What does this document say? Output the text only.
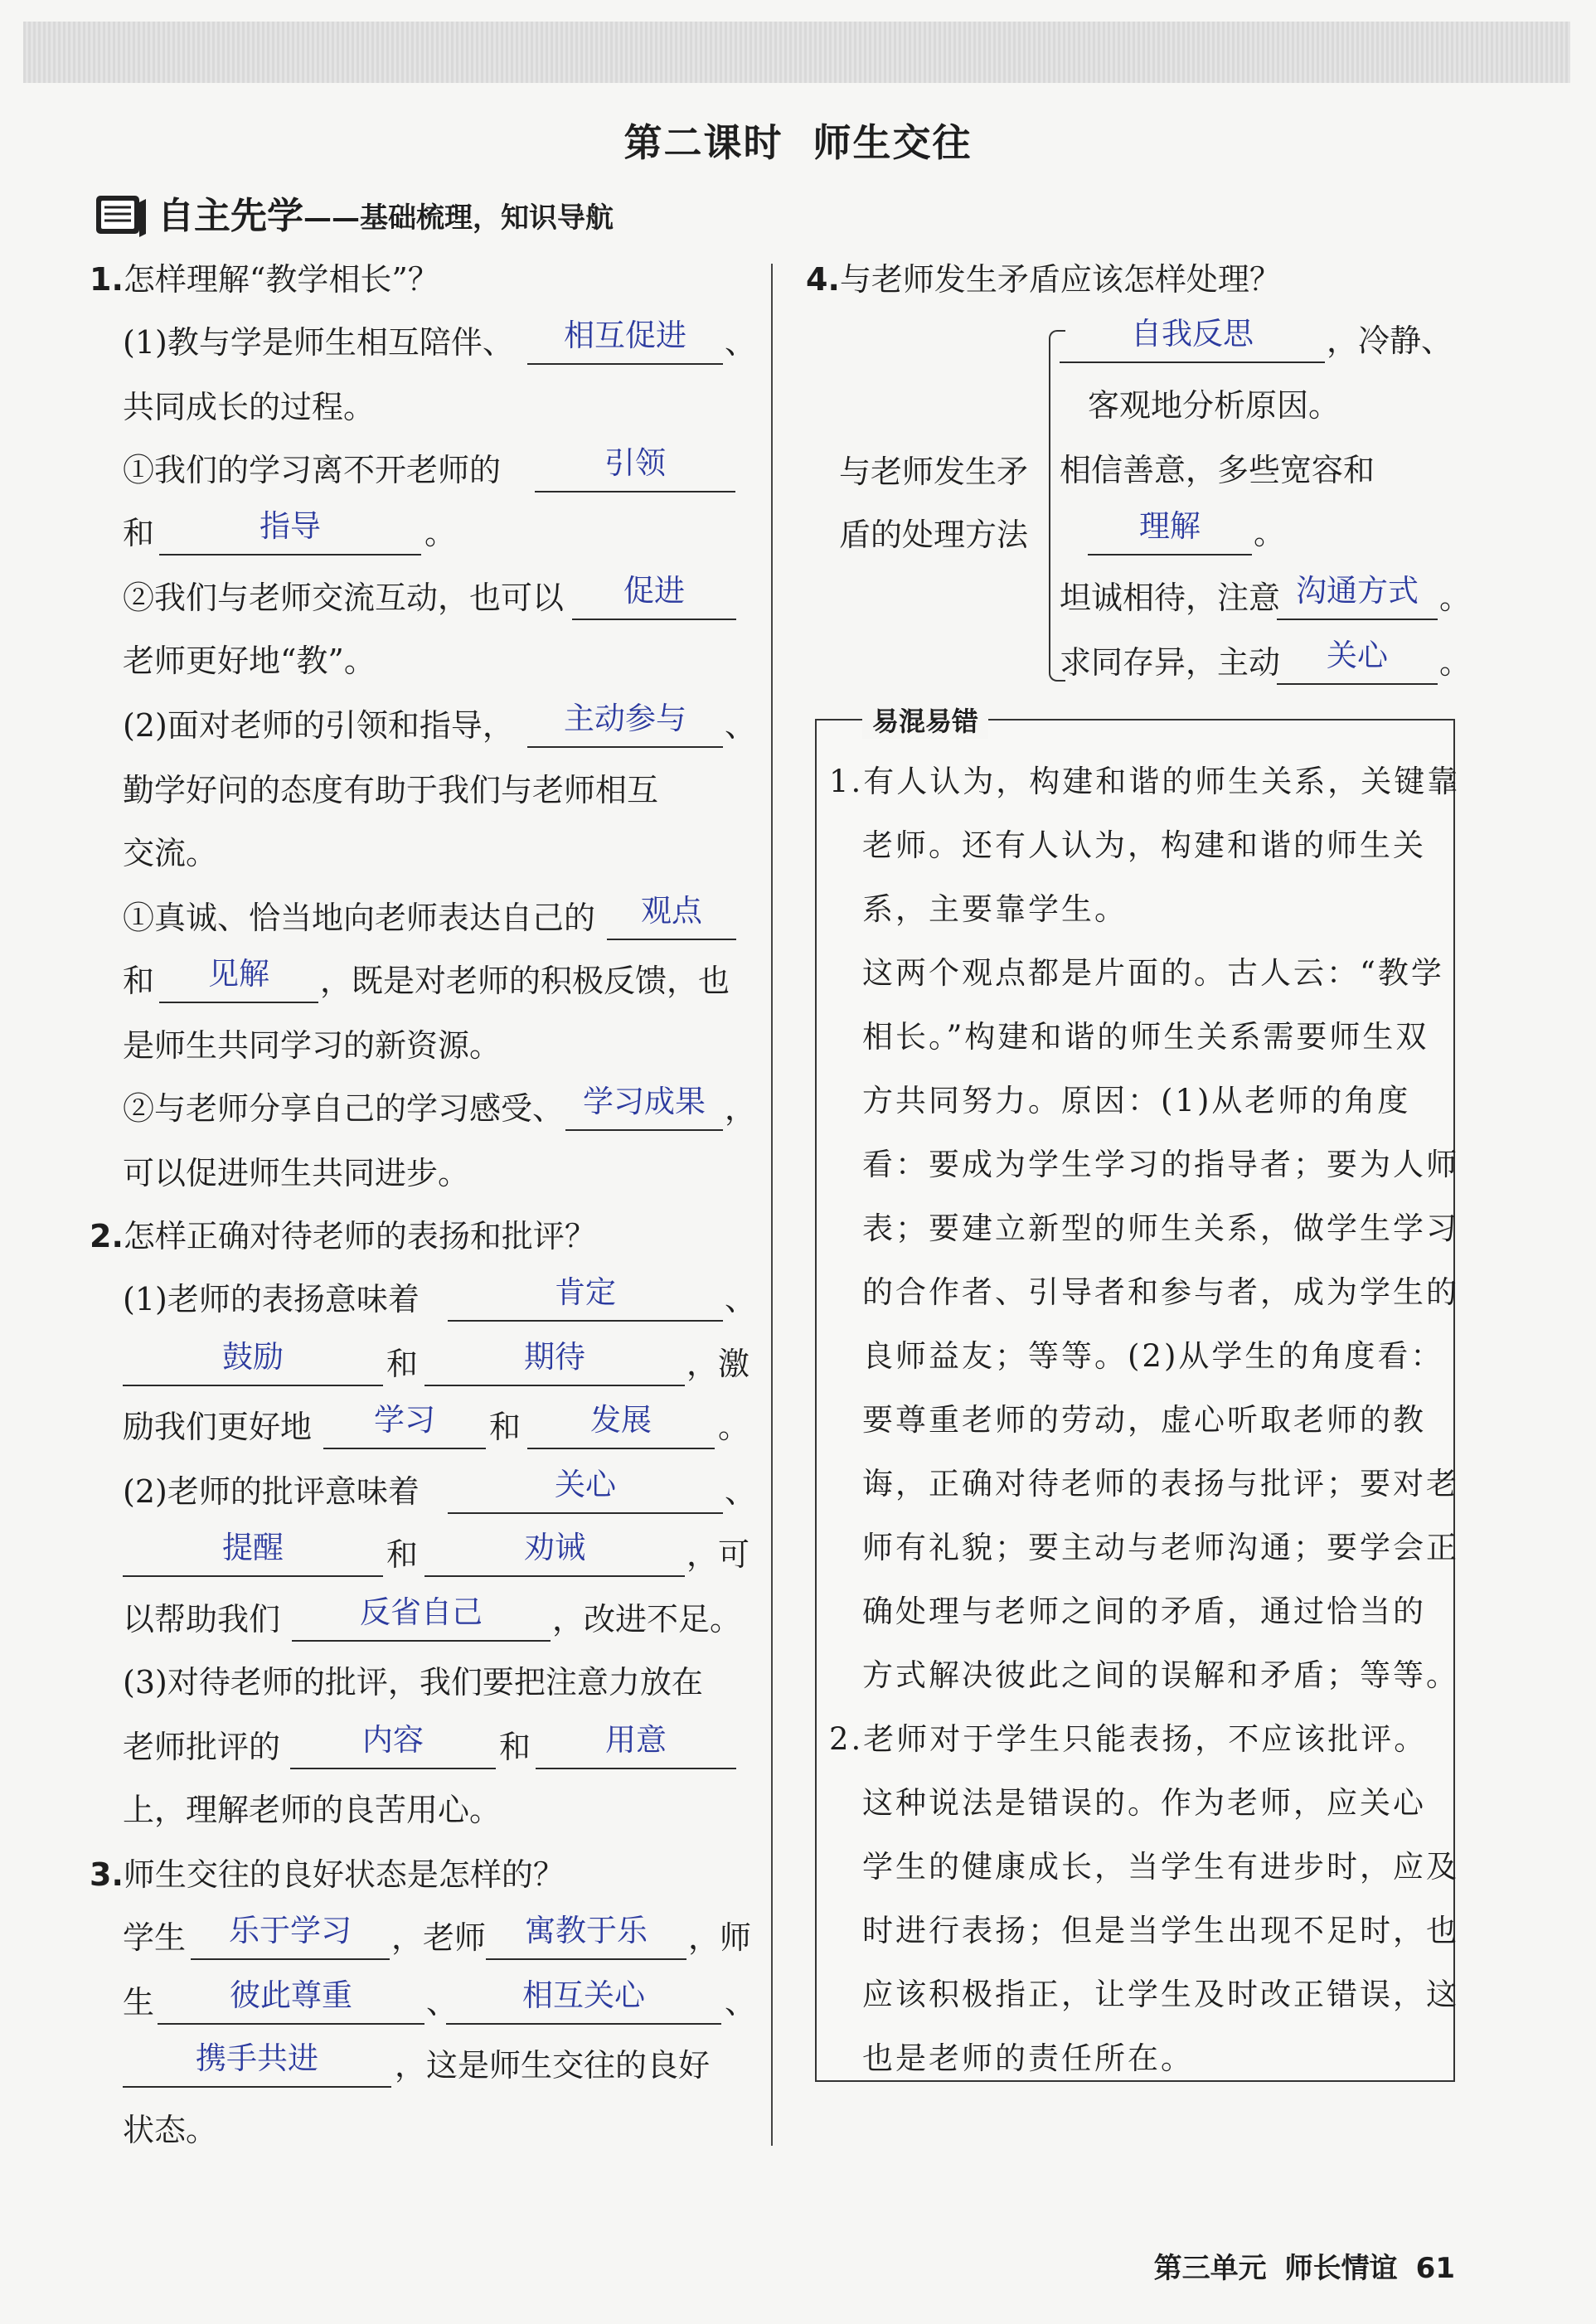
第二课时 师生交往
自主先学 —— 基础梳理，知识导航
1.怎样理解“教学相长”？
(1)教与学是师生相互陪伴、	相互促进	、
共同成长的过程。
①我们的学习离不开老师的	引领
和	指导	。
②我们与老师交流互动，也可以	促进
老师更好地“教”。
(2)面对老师的引领和指导，	主动参与	、
勤学好问的态度有助于我们与老师相互
交流。
①真诚、恰当地向老师表达自己的	观点
和	见解	，既是对老师的积极反馈，也
是师生共同学习的新资源。
②与老师分享自己的学习感受、 学习成果 ，
可以促进师生共同进步。
2.怎样正确对待老师的表扬和批评？
(1)老师的表扬意味着	肯定	、
鼓励	和	期待	，激
励我们更好地	学习	和	发展	。
(2)老师的批评意味着	关心	、
提醒	和	劝诫	，可
以帮助我们	反省自己	，改进不足。
(3)对待老师的批评，我们要把注意力放在
老师批评的	内容	和	用意
上，理解老师的良苦用心。
3.师生交往的良好状态是怎样的？
学生	乐于学习	，老师	寓教于乐	，师
生	彼此尊重	、	相互关心	、
携手共进	，这是师生交往的良好
状态。
4.与老师发生矛盾应该怎样处理？
与老师发生矛
盾的处理方法
自我反思	，冷静、
客观地分析原因。
相信善意，多些宽容和
理解	。
坦诚相待，注意 沟通方式 。
求同存异，主动	关心	。
易混易错
1.有人认为，构建和谐的师生关系，关键靠
老师。还有人认为，构建和谐的师生关
系，主要靠学生。
这两个观点都是片面的。古人云：“教学
相长。”构建和谐的师生关系需要师生双
方共同努力。原因：(1)从老师的角度
看：要成为学生学习的指导者；要为人师
表；要建立新型的师生关系，做学生学习
的合作者、引导者和参与者，成为学生的
良师益友；等等。(2)从学生的角度看：
要尊重老师的劳动，虚心听取老师的教
诲，正确对待老师的表扬与批评；要对老
师有礼貌；要主动与老师沟通；要学会正
确处理与老师之间的矛盾，通过恰当的
方式解决彼此之间的误解和矛盾；等等。
2.老师对于学生只能表扬，不应该批评。
这种说法是错误的。作为老师，应关心
学生的健康成长，当学生有进步时，应及
时进行表扬；但是当学生出现不足时，也
应该积极指正，让学生及时改正错误，这
也是老师的责任所在。
第三单元 师长情谊 61
